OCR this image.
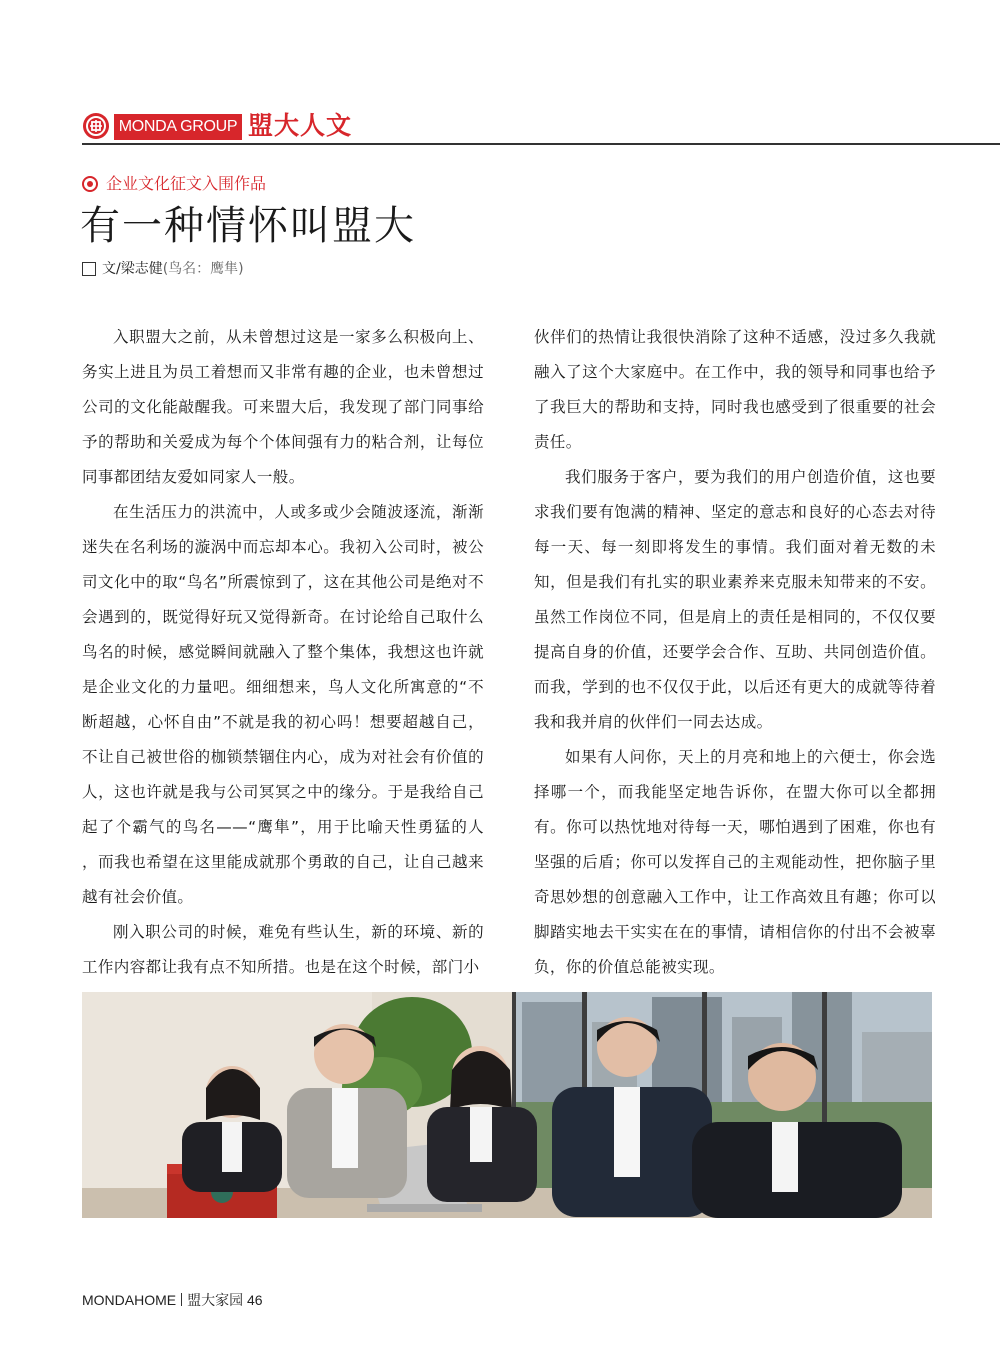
MONDA GROUP 盟大人文
企业文化征文入围作品
有一种情怀叫盟大
文/梁志健(鸟名：鹰隼)

入职盟大之前，从未曾想过这是一家多么积极向上、务实上进且为员工着想而又非常有趣的企业，也未曾想过公司的文化能敲醒我。可来盟大后，我发现了部门同事给予的帮助和关爱成为每个个体间强有力的粘合剂，让每位同事都团结友爱如同家人一般。

在生活压力的洪流中，人或多或少会随波逐流，渐渐迷失在名利场的漩涡中而忘却本心。我初入公司时，被公司文化中的取“鸟名”所震惊到了，这在其他公司是绝对不会遇到的，既觉得好玩又觉得新奇。在讨论给自己取什么鸟名的时候，感觉瞬间就融入了整个集体，我想这也许就是企业文化的力量吧。细细想来，鸟人文化所寓意的“不断超越，心怀自由”不就是我的初心吗！想要超越自己，不让自己被世俗的枷锁禁锢住内心，成为对社会有价值的人，这也许就是我与公司冥冥之中的缘分。于是我给自己起了个霸气的鸟名——“鹰隼”，用于比喻天性勇猛的人 ，而我也希望在这里能成就那个勇敢的自己，让自己越来越有社会价值。

刚入职公司的时候，难免有些认生，新的环境、新的工作内容都让我有点不知所措。也是在这个时候，部门小

伙伴们的热情让我很快消除了这种不适感，没过多久我就融入了这个大家庭中。在工作中，我的领导和同事也给予了我巨大的帮助和支持，同时我也感受到了很重要的社会责任。

我们服务于客户，要为我们的用户创造价值，这也要求我们要有饱满的精神、坚定的意志和良好的心态去对待每一天、每一刻即将发生的事情。我们面对着无数的未知，但是我们有扎实的职业素养来克服未知带来的不安。虽然工作岗位不同，但是肩上的责任是相同的，不仅仅要提高自身的价值，还要学会合作、互助、共同创造价值。而我，学到的也不仅仅于此，以后还有更大的成就等待着我和我并肩的伙伴们一同去达成。

如果有人问你，天上的月亮和地上的六便士，你会选择哪一个，而我能坚定地告诉你，在盟大你可以全都拥有。你可以热忱地对待每一天，哪怕遇到了困难，你也有坚强的后盾；你可以发挥自己的主观能动性，把你脑子里奇思妙想的创意融入工作中，让工作高效且有趣；你可以脚踏实地去干实实在在的事情，请相信你的付出不会被辜负，你的价值总能被实现。

MONDAHOME 盟大家园 46
